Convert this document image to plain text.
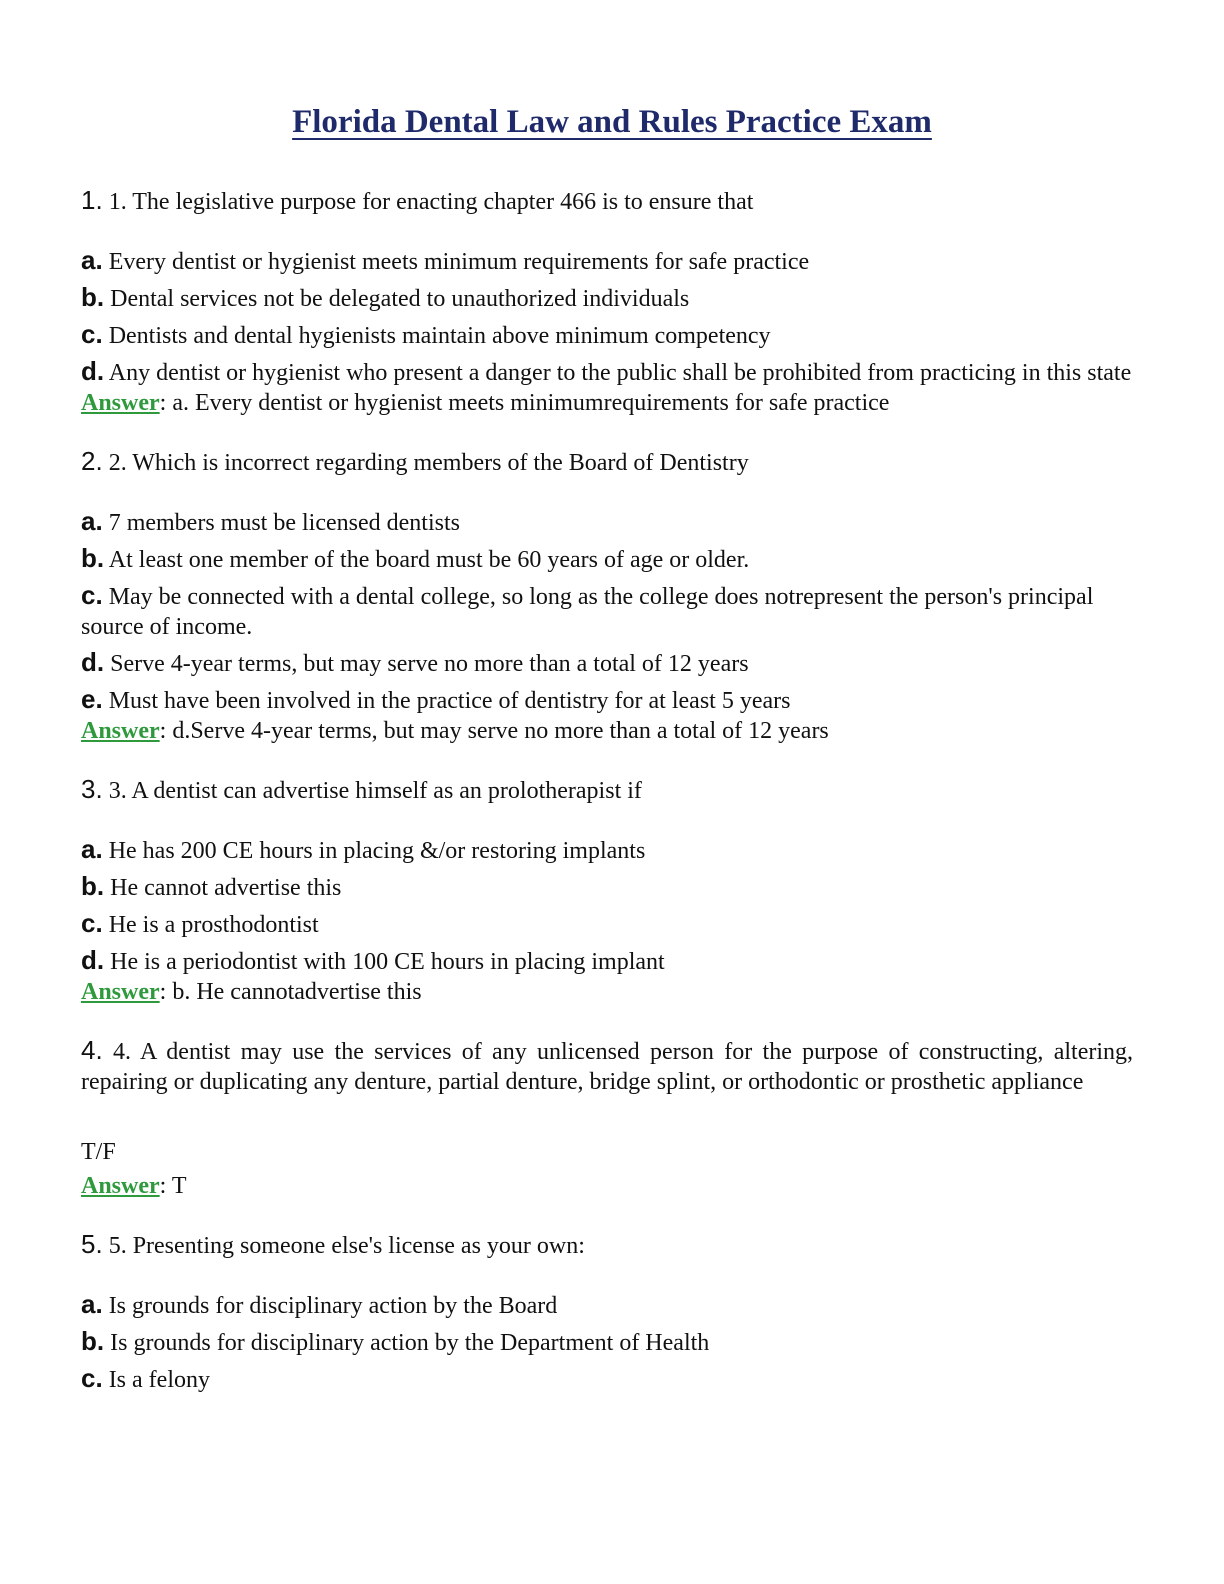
Florida Dental Law and Rules Practice Exam

1. 1. The legislative purpose for enacting chapter 466 is to ensure that

a. Every dentist or hygienist meets minimum requirements for safe practice

b. Dental services not be delegated to unauthorized individuals

c. Dentists and dental hygienists maintain above minimum competency

d. Any dentist or hygienist who present a danger to the public shall be prohibited from practicing in this state

Answer: a. Every dentist or hygienist meets minimumrequirements for safe practice

2. 2. Which is incorrect regarding members of the Board of Dentistry

a. 7 members must be licensed dentists

b. At least one member of the board must be 60 years of age or older.

c. May be connected with a dental college, so long as the college does notrepresent the person's principal source of income.

d. Serve 4-year terms, but may serve no more than a total of 12 years

e. Must have been involved in the practice of dentistry for at least 5 years

Answer: d.Serve 4-year terms, but may serve no more than a total of 12 years

3. 3. A dentist can advertise himself as an prolotherapist if

a. He has 200 CE hours in placing &/or restoring implants

b. He cannot advertise this

c. He is a prosthodontist

d. He is a periodontist with 100 CE hours in placing implant

Answer: b. He cannotadvertise this

4. 4. A dentist may use the services of any unlicensed person for the purpose of constructing, altering, repairing or duplicating any denture, partial denture, bridge splint, or orthodontic or prosthetic appliance

T/F

Answer: T

5. 5. Presenting someone else's license as your own:

a. Is grounds for disciplinary action by the Board

b. Is grounds for disciplinary action by the Department of Health

c. Is a felony
